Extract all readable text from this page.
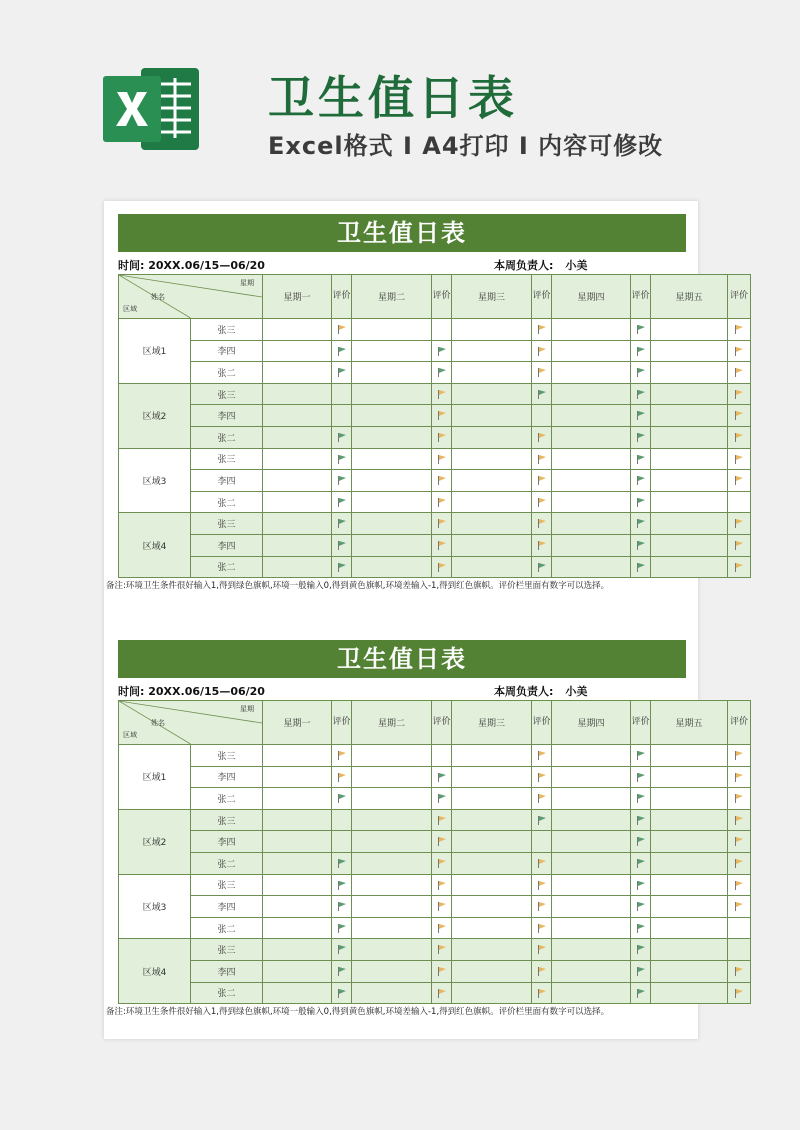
卫生值日表
Excel格式 I A4打印 I 内容可修改
卫生值日表
时间: 20XX.06/15—06/20	本周负责人: 小美
星期
姓名
区域		星期一	评价	星期二	评价	星期三	评价	星期四	评价	星期五	评价
区域1	张三										
	李四										
	张二										
区域2	张三										
	李四										
	张二										
区域3	张三										
	李四										
	张二										
区域4	张三										
	李四										
	张二										
备注:环境卫生条件很好输入1,得到绿色旗帜,环境一般输入0,得到黄色旗帜,环境差输入-1,得到红色旗帜。评价栏里面有数字可以选择。
卫生值日表
时间: 20XX.06/15—06/20	本周负责人: 小美
星期
姓名
区域		星期一	评价	星期二	评价	星期三	评价	星期四	评价	星期五	评价
区域1	张三										
	李四										
	张二										
区域2	张三										
	李四										
	张二										
区域3	张三										
	李四										
	张二										
区域4	张三										
	李四										
	张二										
备注:环境卫生条件很好输入1,得到绿色旗帜,环境一般输入0,得到黄色旗帜,环境差输入-1,得到红色旗帜。评价栏里面有数字可以选择。
